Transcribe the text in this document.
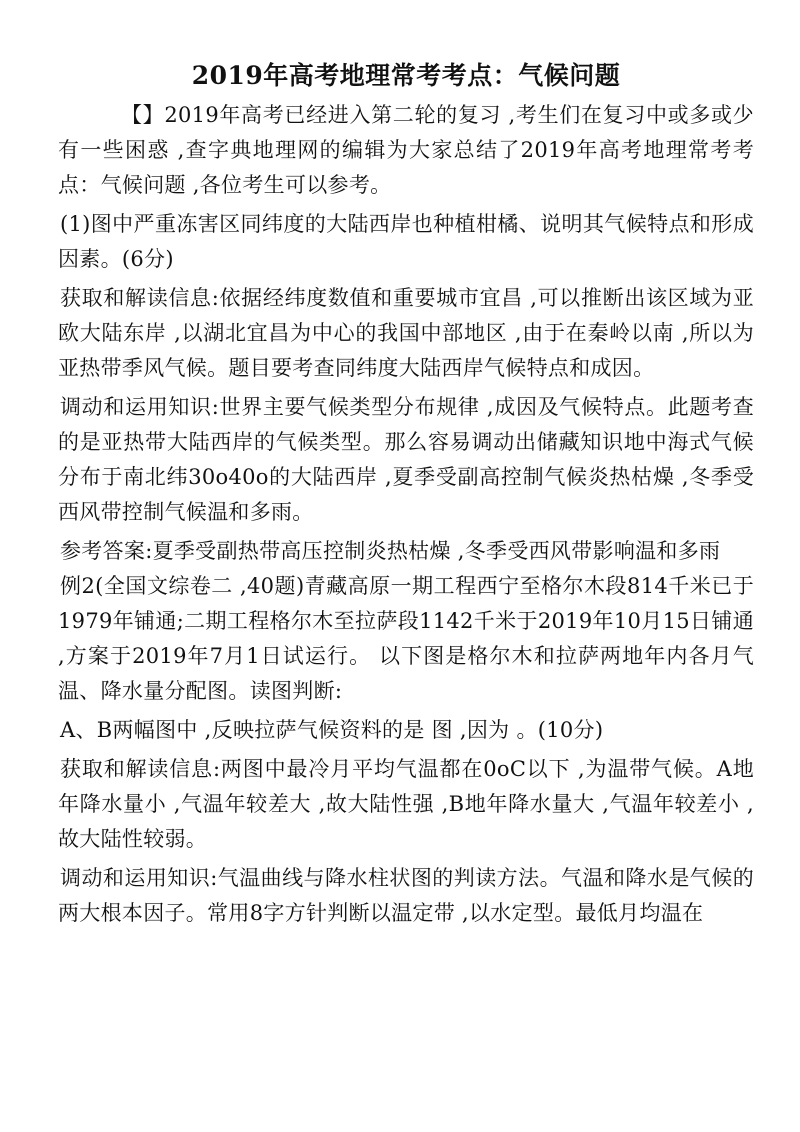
2019年高考地理常考考点：气候问题

【】2019年高考已经进入第二轮的复习 ,考生们在复习中或多或少有一些困惑 ,查字典地理网的编辑为大家总结了2019年高考地理常考考点：气候问题 ,各位考生可以参考。

(1)图中严重冻害区同纬度的大陆西岸也种植柑橘、说明其气候特点和形成因素。(6分)

获取和解读信息:依据经纬度数值和重要城市宜昌 ,可以推断出该区域为亚欧大陆东岸 ,以湖北宜昌为中心的我国中部地区 ,由于在秦岭以南 ,所以为亚热带季风气候。题目要考查同纬度大陆西岸气候特点和成因。

调动和运用知识:世界主要气候类型分布规律 ,成因及气候特点。此题考查的是亚热带大陆西岸的气候类型。那么容易调动出储藏知识地中海式气候分布于南北纬30o40o的大陆西岸 ,夏季受副高控制气候炎热枯燥 ,冬季受西风带控制气候温和多雨。

参考答案:夏季受副热带高压控制炎热枯燥 ,冬季受西风带影响温和多雨

例2(全国文综卷二 ,40题)青藏高原一期工程西宁至格尔木段814千米已于1979年铺通;二期工程格尔木至拉萨段1142千米于2019年10月15日铺通 ,方案于2019年7月1日试运行。 以下图是格尔木和拉萨两地年内各月气温、降水量分配图。读图判断:

A、B两幅图中 ,反映拉萨气候资料的是 图 ,因为 。(10分)

获取和解读信息:两图中最冷月平均气温都在0oC以下 ,为温带气候。A地年降水量小 ,气温年较差大 ,故大陆性强 ,B地年降水量大 ,气温年较差小 ,故大陆性较弱。

调动和运用知识:气温曲线与降水柱状图的判读方法。气温和降水是气候的两大根本因子。常用8字方针判断以温定带 ,以水定型。最低月均温在
